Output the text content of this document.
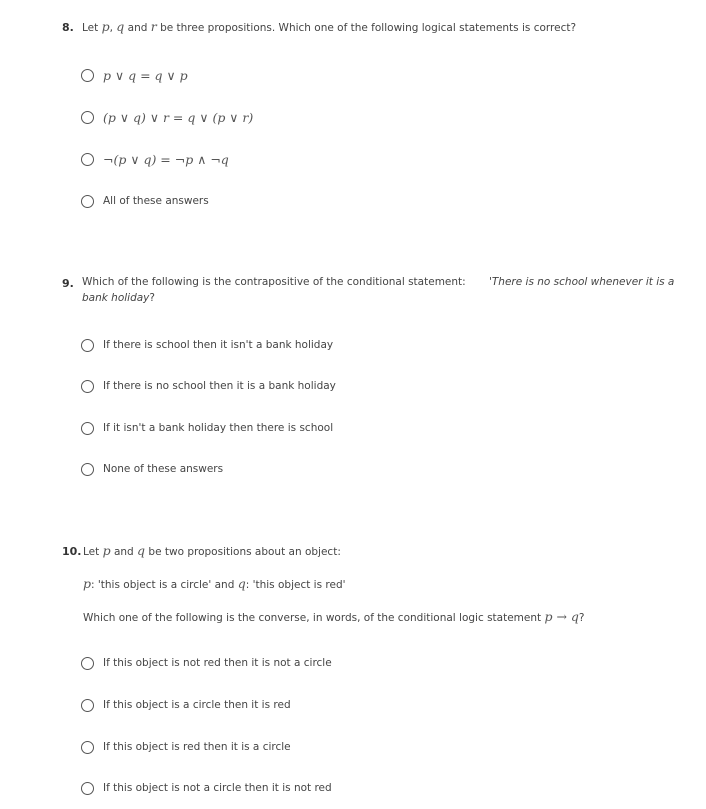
8. Let p, q and r be three propositions. Which one of the following logical statements is correct?
p ∨ q = q ∨ p
(p ∨ q) ∨ r = q ∨ (p ∨ r)
¬(p ∨ q) = ¬p ∧ ¬q
All of these answers
9. Which of the following is the contrapositive of the conditional statement: 'There is no school whenever it is a
bank holiday?
If there is school then it isn't a bank holiday
If there is no school then it is a bank holiday
If it isn't a bank holiday then there is school
None of these answers
10. Let p and q be two propositions about an object:
p: 'this object is a circle' and q: 'this object is red'
Which one of the following is the converse, in words, of the conditional logic statement p → q?
If this object is not red then it is not a circle
If this object is a circle then it is red
If this object is red then it is a circle
If this object is not a circle then it is not red
